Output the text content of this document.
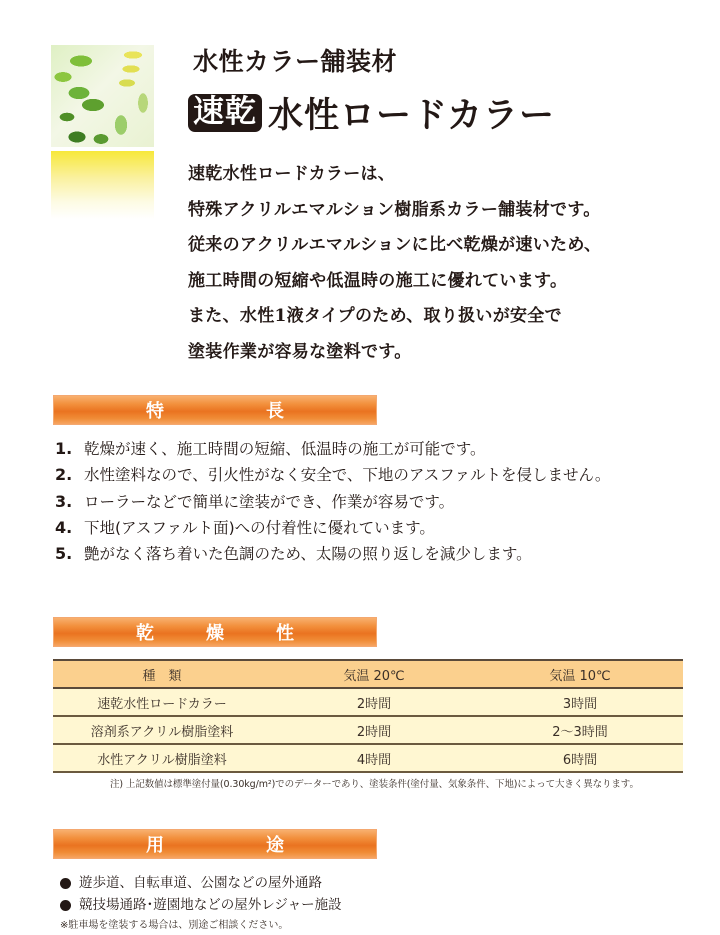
水性カラー舗装材
速乾 水性ロードカラー

速乾水性ロードカラーは、

特殊アクリルエマルション樹脂系カラー舗装材です。

従来のアクリルエマルションに比べ乾燥が速いため、

施工時間の短縮や低温時の施工に優れています。

また、水性1液タイプのため、取り扱いが安全で

塗装作業が容易な塗料です。

特長
1. 乾燥が速く、施工時間の短縮、低温時の施工が可能です。
2. 水性塗料なので、引火性がなく安全で、下地のアスファルトを侵しません。
3. ローラーなどで簡単に塗装ができ、作業が容易です。
4. 下地(アスファルト面)への付着性に優れています。
5. 艶がなく落ち着いた色調のため、太陽の照り返しを減少します。
乾燥性
種　類	気温 20℃	気温 10℃
速乾水性ロードカラー	2時間	3時間
溶剤系アクリル樹脂塗料	2時間	2〜3時間
水性アクリル樹脂塗料	4時間	6時間
注) 上記数値は標準塗付量(0.30kg/m²)でのデーターであり、塗装条件(塗付量、気象条件、下地)によって大きく異なります。
用途
遊歩道、自転車道、公園などの屋外通路
競技場通路･遊園地などの屋外レジャー施設
※駐車場を塗装する場合は、別途ご相談ください。
